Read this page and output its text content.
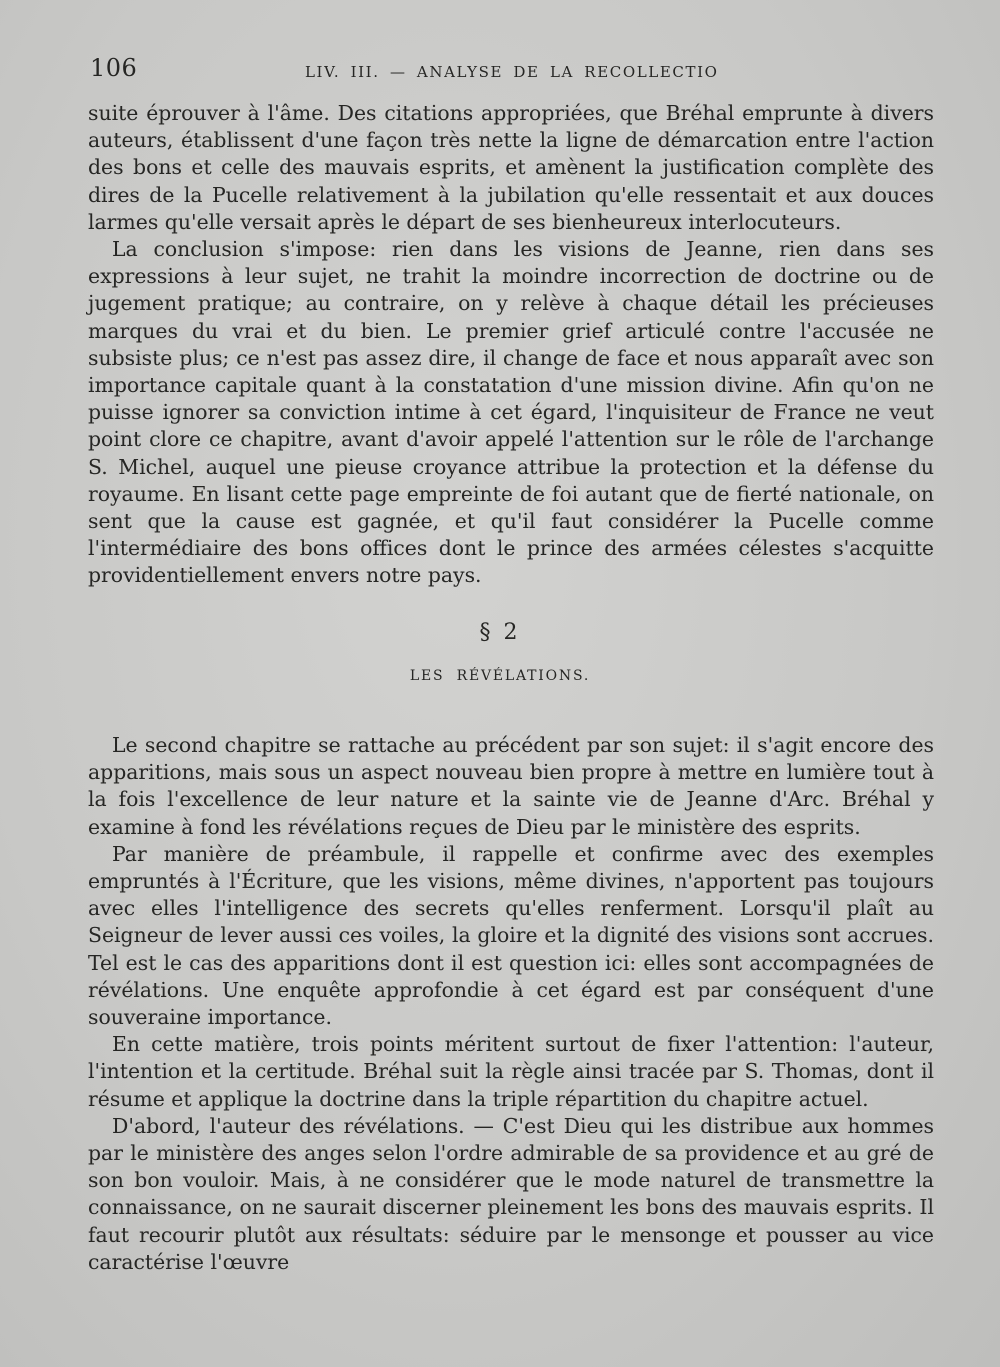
106	LIV. III. — ANALYSE DE LA RECOLLECTIO

suite éprouver à l'âme. Des citations appropriées, que Bréhal emprunte à divers auteurs, établissent d'une façon très nette la ligne de démarcation entre l'action des bons et celle des mauvais esprits, et amènent la justification complète des dires de la Pucelle relativement à la jubilation qu'elle ressentait et aux douces larmes qu'elle versait après le départ de ses bienheureux interlocuteurs.

La conclusion s'impose: rien dans les visions de Jeanne, rien dans ses expressions à leur sujet, ne trahit la moindre incorrection de doctrine ou de jugement pratique; au contraire, on y relève à chaque détail les précieuses marques du vrai et du bien. Le premier grief articulé contre l'accusée ne subsiste plus; ce n'est pas assez dire, il change de face et nous apparaît avec son importance capitale quant à la constatation d'une mission divine. Afin qu'on ne puisse ignorer sa conviction intime à cet égard, l'inquisiteur de France ne veut point clore ce chapitre, avant d'avoir appelé l'attention sur le rôle de l'archange S. Michel, auquel une pieuse croyance attribue la protection et la défense du royaume. En lisant cette page empreinte de foi autant que de fierté nationale, on sent que la cause est gagnée, et qu'il faut considérer la Pucelle comme l'intermédiaire des bons offices dont le prince des armées célestes s'acquitte providentiellement envers notre pays.

§ 2
LES RÉVÉLATIONS.

Le second chapitre se rattache au précédent par son sujet: il s'agit encore des apparitions, mais sous un aspect nouveau bien propre à mettre en lumière tout à la fois l'excellence de leur nature et la sainte vie de Jeanne d'Arc. Bréhal y examine à fond les révélations reçues de Dieu par le ministère des esprits.

Par manière de préambule, il rappelle et confirme avec des exemples empruntés à l'Écriture, que les visions, même divines, n'apportent pas toujours avec elles l'intelligence des secrets qu'elles renferment. Lorsqu'il plaît au Seigneur de lever aussi ces voiles, la gloire et la dignité des visions sont accrues. Tel est le cas des apparitions dont il est question ici: elles sont accompagnées de révélations. Une enquête approfondie à cet égard est par conséquent d'une souveraine importance.

En cette matière, trois points méritent surtout de fixer l'attention: l'auteur, l'intention et la certitude. Bréhal suit la règle ainsi tracée par S. Thomas, dont il résume et applique la doctrine dans la triple répartition du chapitre actuel.

D'abord, l'auteur des révélations. — C'est Dieu qui les distribue aux hommes par le ministère des anges selon l'ordre admirable de sa providence et au gré de son bon vouloir. Mais, à ne considérer que le mode naturel de transmettre la connaissance, on ne saurait discerner pleinement les bons des mauvais esprits. Il faut recourir plutôt aux résultats: séduire par le mensonge et pousser au vice caractérise l'œuvre
